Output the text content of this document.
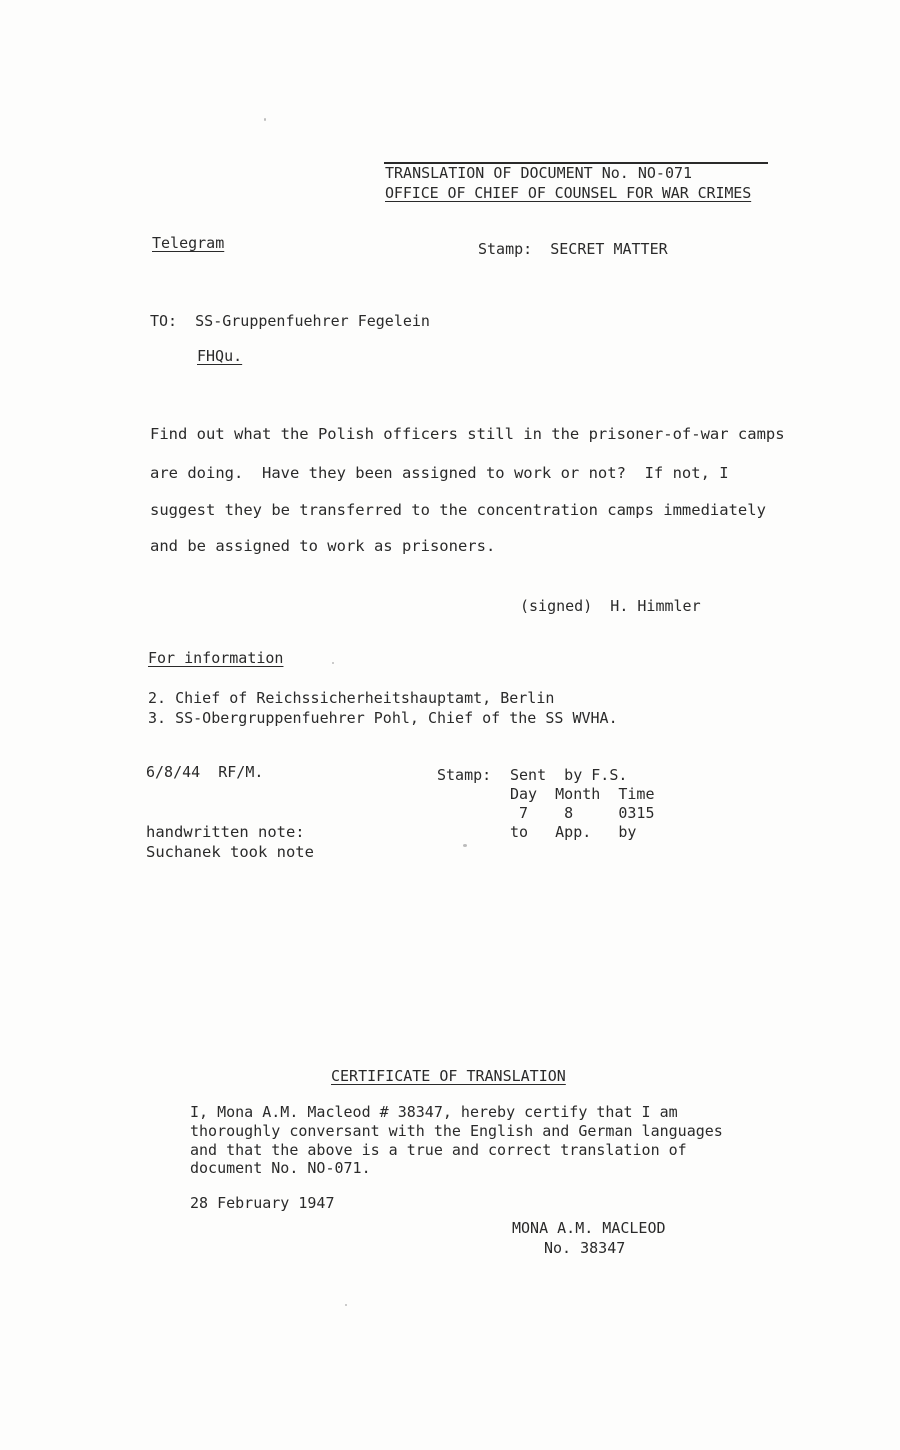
TRANSLATION OF DOCUMENT No. NO-071
OFFICE OF CHIEF OF COUNSEL FOR WAR CRIMES
Telegram	Stamp:  SECRET MATTER
TO:  SS-Gruppenfuehrer Fegelein
FHQu.
Find out what the Polish officers still in the prisoner-of-war camps
are doing.  Have they been assigned to work or not?  If not, I
suggest they be transferred to the concentration camps immediately
and be assigned to work as prisoners.
(signed)  H. Himmler
For information
2. Chief of Reichssicherheitshauptamt, Berlin
3. SS-Obergruppenfuehrer Pohl, Chief of the SS WVHA.
6/8/44  RF/M.	Stamp: Sent  by F.S.
Day  Month  Time
7    8     0315
to   App.   by
handwritten note:
Suchanek took note
CERTIFICATE OF TRANSLATION
I, Mona A.M. Macleod # 38347, hereby certify that I am
thoroughly conversant with the English and German languages
and that the above is a true and correct translation of
document No. NO-071.
28 February 1947
MONA A.M. MACLEOD
No. 38347
